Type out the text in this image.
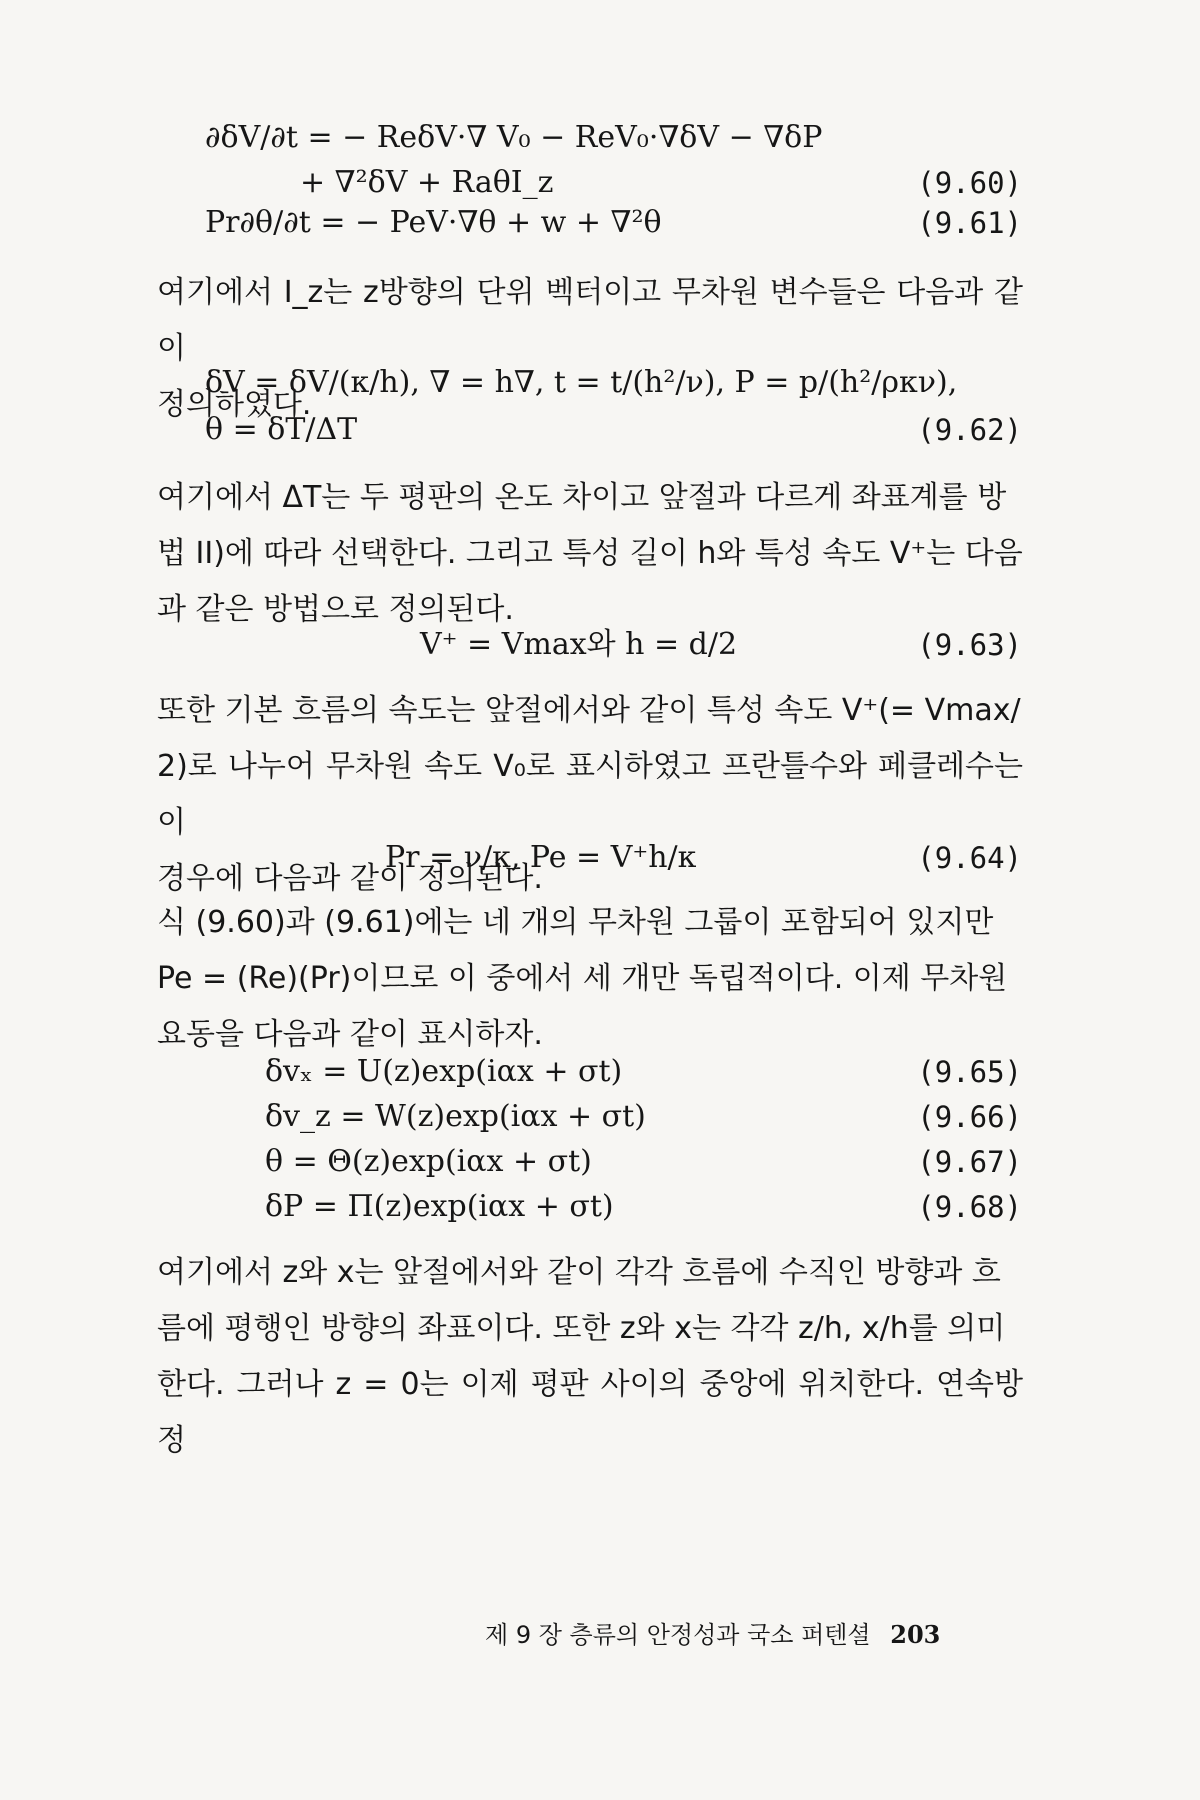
∂δV/∂t = − ReδV·∇ V₀ − ReV₀·∇δV − ∇δP
+ ∇²δV + RaθI_z	(9.60)
Pr∂θ/∂t = − PeV·∇θ + w + ∇²θ	(9.61)
여기에서 I_z는 z방향의 단위 벡터이고 무차원 변수들은 다음과 같이
정의하였다.
δV = δV/(κ/h), ∇ = h∇, t = t/(h²/ν), P = p/(h²/ρκν),
θ = δT/ΔT	(9.62)
여기에서 ΔT는 두 평판의 온도 차이고 앞절과 다르게 좌표계를 방
법 II)에 따라 선택한다. 그리고 특성 길이 h와 특성 속도 V⁺는 다음
과 같은 방법으로 정의된다.
V⁺ = Vmax와 h = d/2	(9.63)
또한 기본 흐름의 속도는 앞절에서와 같이 특성 속도 V⁺(= Vmax/
2)로 나누어 무차원 속도 V₀로 표시하였고 프란틀수와 페클레수는 이
경우에 다음과 같이 정의된다.
Pr = ν/κ, Pe = V⁺h/κ	(9.64)
식 (9.60)과 (9.61)에는 네 개의 무차원 그룹이 포함되어 있지만
Pe = (Re)(Pr)이므로 이 중에서 세 개만 독립적이다. 이제 무차원
요동을 다음과 같이 표시하자.
δvₓ = U(z)exp(iαx + σt)	(9.65)
δv_z = W(z)exp(iαx + σt)	(9.66)
θ = Θ(z)exp(iαx + σt)	(9.67)
δP = Π(z)exp(iαx + σt)	(9.68)
여기에서 z와 x는 앞절에서와 같이 각각 흐름에 수직인 방향과 흐
름에 평행인 방향의 좌표이다. 또한 z와 x는 각각 z/h, x/h를 의미
한다. 그러나 z = 0는 이제 평판 사이의 중앙에 위치한다. 연속방정
제 9 장 층류의 안정성과 국소 퍼텐셜 203
